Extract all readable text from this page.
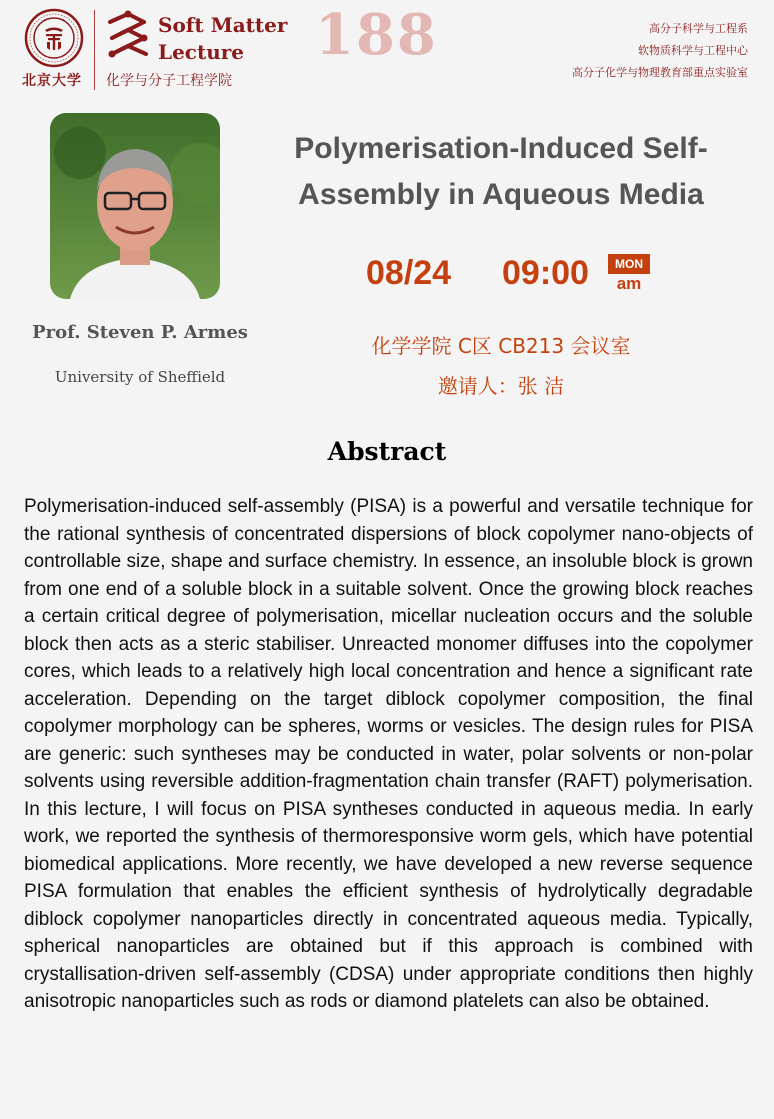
北京大学
Soft Matter
Lecture
化学与分子工程学院
188	高分子科学与工程系
软物质科学与工程中心
高分子化学与物理教育部重点实验室
Prof. Steven P. Armes
University of Sheffield
Polymerisation-Induced Self-Assembly in Aqueous Media
08/24 09:00	MON
am
化学学院 C区 CB213 会议室
邀请人：张 洁
Abstract
Polymerisation-induced self-assembly (PISA) is a powerful and versatile technique for the rational synthesis of concentrated dispersions of block copolymer nano-objects of controllable size, shape and surface chemistry. In essence, an insoluble block is grown from one end of a soluble block in a suitable solvent. Once the growing block reaches a certain critical degree of polymerisation, micellar nucleation occurs and the soluble block then acts as a steric stabiliser. Unreacted monomer diffuses into the copolymer cores, which leads to a relatively high local concentration and hence a significant rate acceleration. Depending on the target diblock copolymer composition, the final copolymer morphology can be spheres, worms or vesicles. The design rules for PISA are generic: such syntheses may be conducted in water, polar solvents or non-polar solvents using reversible addition-fragmentation chain transfer (RAFT) polymerisation. In this lecture, I will focus on PISA syntheses conducted in aqueous media. In early work, we reported the synthesis of thermoresponsive worm gels, which have potential biomedical applications. More recently, we have developed a new reverse sequence PISA formulation that enables the efficient synthesis of hydrolytically degradable diblock copolymer nanoparticles directly in concentrated aqueous media. Typically, spherical nanoparticles are obtained but if this approach is combined with crystallisation-driven self-assembly (CDSA) under appropriate conditions then highly anisotropic nanoparticles such as rods or diamond platelets can also be obtained.
